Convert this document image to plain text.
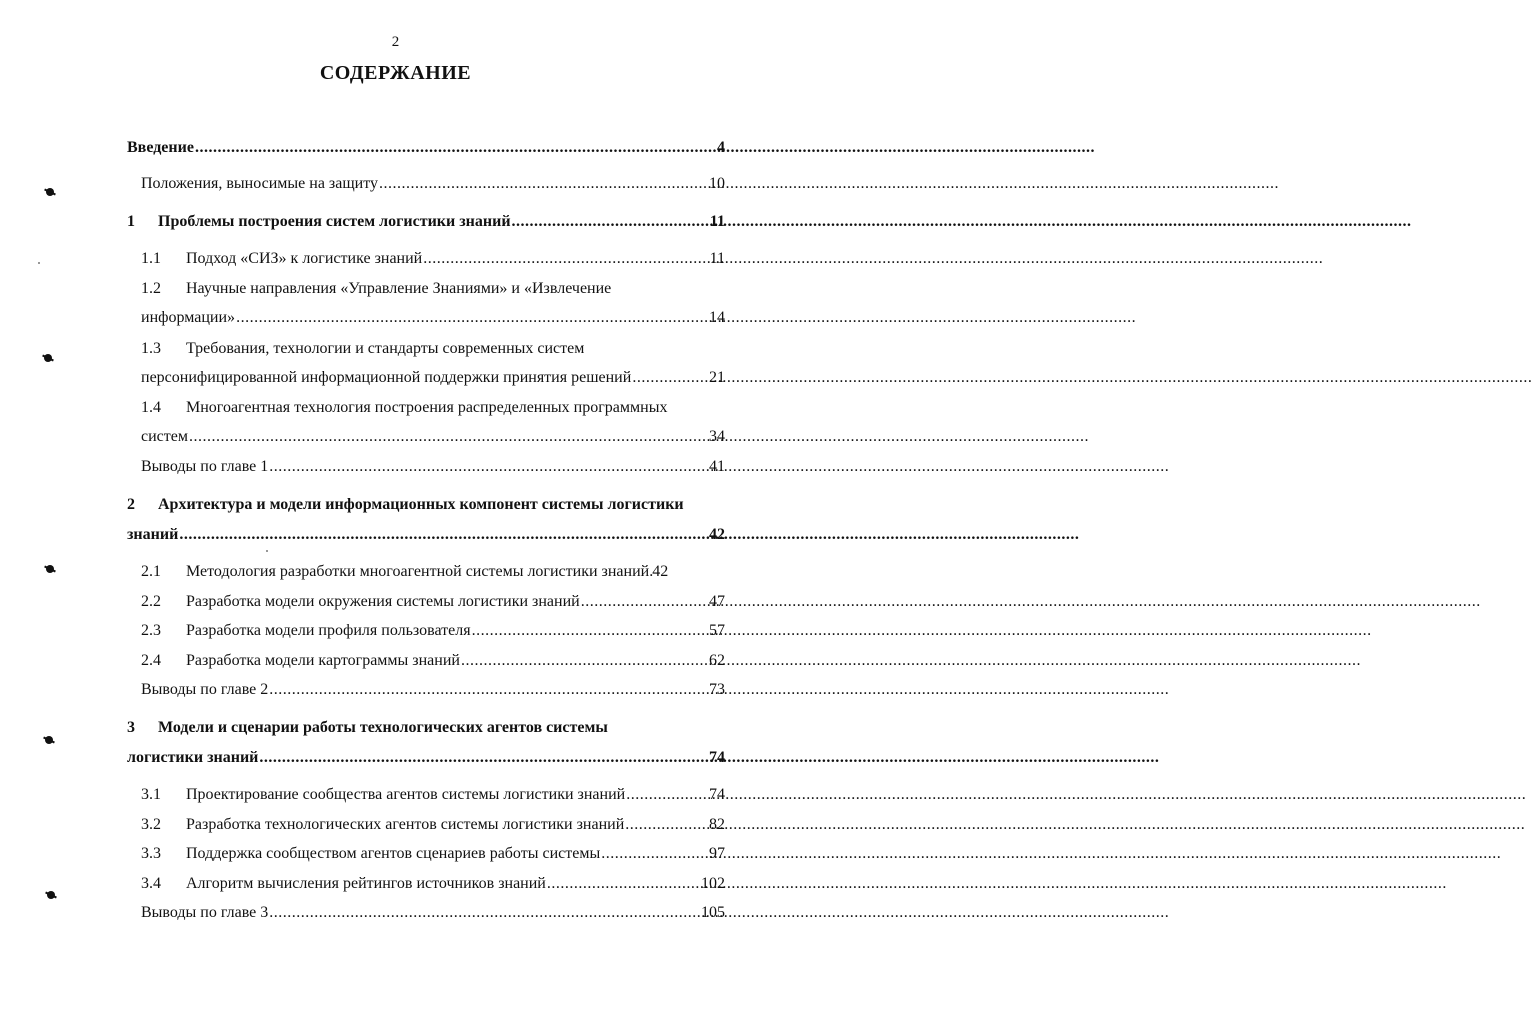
2
СОДЕРЖАНИЕ
Введение .....	4
Положения, выносимые на защиту .....	10
1	Проблемы построения систем логистики знаний .....	11
1.1	Подход «СИЗ» к логистике знаний .....	11
1.2	Научные направления «Управление Знаниями» и «Извлечение
информации» .....	14
1.3	Требования, технологии и стандарты современных систем
персонифицированной информационной поддержки принятия решений .....	21
1.4	Многоагентная технология построения распределенных программных
систем .....	34
Выводы по главе 1 .....	41
2	Архитектура и модели информационных компонент системы логистики
знаний .....	42
2.1	Методология разработки многоагентной системы логистики знаний . 42
2.2	Разработка модели окружения системы логистики знаний .....	47
2.3	Разработка модели профиля пользователя .....	57
2.4	Разработка модели картограммы знаний .....	62
Выводы по главе 2 .....	73
3	Модели и сценарии работы технологических агентов системы
логистики знаний .....	74
3.1	Проектирование сообщества агентов системы логистики знаний .....	74
3.2	Разработка технологических агентов системы логистики знаний .....	82
3.3	Поддержка сообществом агентов сценариев работы системы .....	97
3.4	Алгоритм вычисления рейтингов источников знаний .....	102
Выводы по главе 3 .....	105
